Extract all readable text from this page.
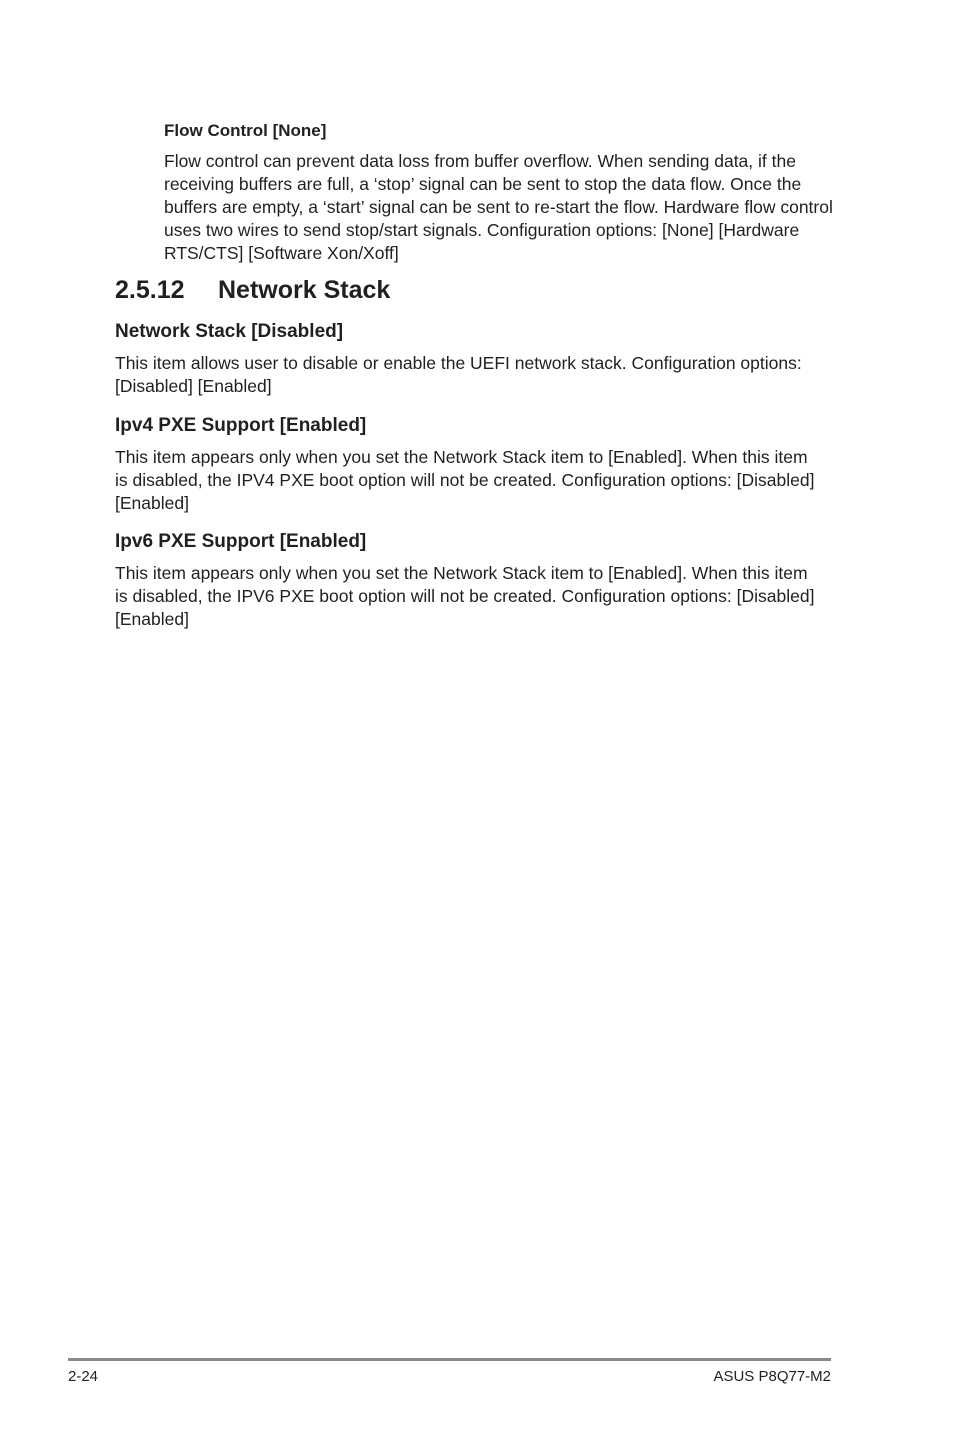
Flow Control [None]

Flow control can prevent data loss from buffer overflow. When sending data, if the

receiving buffers are full, a ‘stop’ signal can be sent to stop the data flow. Once the

buffers are empty, a ‘start’ signal can be sent to re-start the flow. Hardware flow control

uses two wires to send stop/start signals. Configuration options: [None] [Hardware

RTS/CTS] [Software Xon/Xoff]

2.5.12 Network Stack
Network Stack [Disabled]

This item allows user to disable or enable the UEFI network stack. Configuration options:

[Disabled] [Enabled]

Ipv4 PXE Support [Enabled]

This item appears only when you set the Network Stack item to [Enabled]. When this item

is disabled, the IPV4 PXE boot option will not be created. Configuration options: [Disabled]

[Enabled]

Ipv6 PXE Support [Enabled]

This item appears only when you set the Network Stack item to [Enabled]. When this item

is disabled, the IPV6 PXE boot option will not be created. Configuration options: [Disabled]

[Enabled]

2-24	ASUS P8Q77-M2
